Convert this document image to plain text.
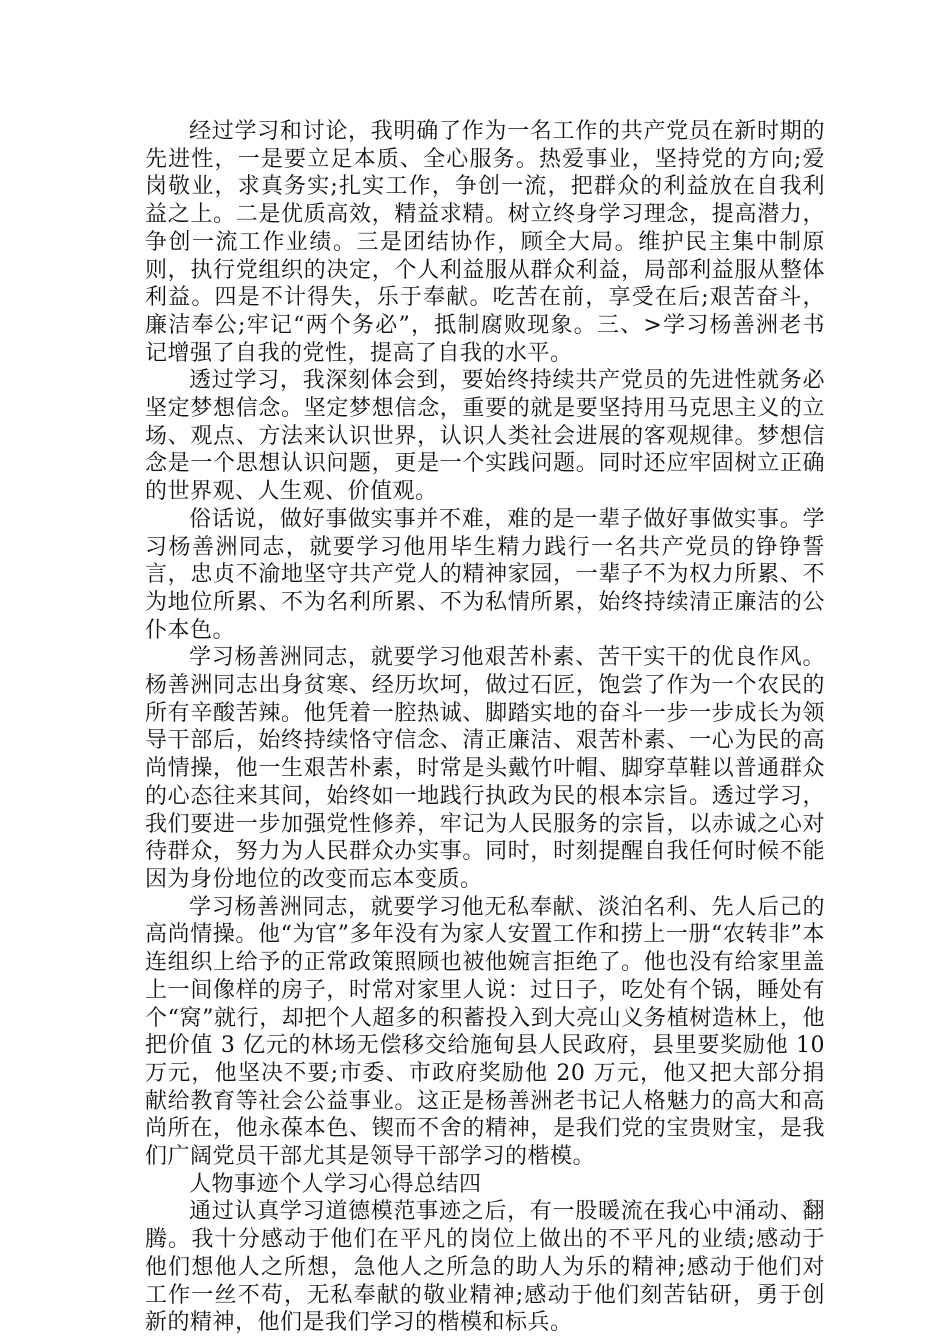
经过学习和讨论，我明确了作为一名工作的共产党员在新时期的先进性，一是要立足本质、全心服务。热爱事业，坚持党的方向;爱岗敬业，求真务实;扎实工作，争创一流，把群众的利益放在自我利益之上。二是优质高效，精益求精。树立终身学习理念，提高潜力，争创一流工作业绩。三是团结协作，顾全大局。维护民主集中制原则，执行党组织的决定，个人利益服从群众利益，局部利益服从整体利益。四是不计得失，乐于奉献。吃苦在前，享受在后;艰苦奋斗，廉洁奉公;牢记“两个务必”，抵制腐败现象。三、>学习杨善洲老书记增强了自我的党性，提高了自我的水平。

透过学习，我深刻体会到，要始终持续共产党员的先进性就务必坚定梦想信念。坚定梦想信念，重要的就是要坚持用马克思主义的立场、观点、方法来认识世界，认识人类社会进展的客观规律。梦想信念是一个思想认识问题，更是一个实践问题。同时还应牢固树立正确的世界观、人生观、价值观。

俗话说，做好事做实事并不难，难的是一辈子做好事做实事。学习杨善洲同志，就要学习他用毕生精力践行一名共产党员的铮铮誓言，忠贞不渝地坚守共产党人的精神家园，一辈子不为权力所累、不为地位所累、不为名利所累、不为私情所累，始终持续清正廉洁的公仆本色。

学习杨善洲同志，就要学习他艰苦朴素、苦干实干的优良作风。杨善洲同志出身贫寒、经历坎坷，做过石匠，饱尝了作为一个农民的所有辛酸苦辣。他凭着一腔热诚、脚踏实地的奋斗一步一步成长为领导干部后，始终持续恪守信念、清正廉洁、艰苦朴素、一心为民的高尚情操，他一生艰苦朴素，时常是头戴竹叶帽、脚穿草鞋以普通群众的心态往来其间，始终如一地践行执政为民的根本宗旨。透过学习，我们要进一步加强党性修养，牢记为人民服务的宗旨，以赤诚之心对待群众，努力为人民群众办实事。同时，时刻提醒自我任何时候不能因为身份地位的改变而忘本变质。

学习杨善洲同志，就要学习他无私奉献、淡泊名利、先人后己的高尚情操。他“为官”多年没有为家人安置工作和捞上一册“农转非”本连组织上给予的正常政策照顾也被他婉言拒绝了。他也没有给家里盖上一间像样的房子，时常对家里人说：过日子，吃处有个锅，睡处有个“窝”就行，却把个人超多的积蓄投入到大亮山义务植树造林上，他把价值 3 亿元的林场无偿移交给施甸县人民政府，县里要奖励他 10 万元，他坚决不要;市委、市政府奖励他 20 万元，他又把大部分捐献给教育等社会公益事业。这正是杨善洲老书记人格魅力的高大和高尚所在，他永葆本色、锲而不舍的精神，是我们党的宝贵财宝，是我们广阔党员干部尤其是领导干部学习的楷模。

人物事迹个人学习心得总结四

通过认真学习道德模范事迹之后，有一股暖流在我心中涌动、翻腾。我十分感动于他们在平凡的岗位上做出的不平凡的业绩;感动于他们想他人之所想，急他人之所急的助人为乐的精神;感动于他们对工作一丝不苟，无私奉献的敬业精神;感动于他们刻苦钻研，勇于创新的精神，他们是我们学习的楷模和标兵。
